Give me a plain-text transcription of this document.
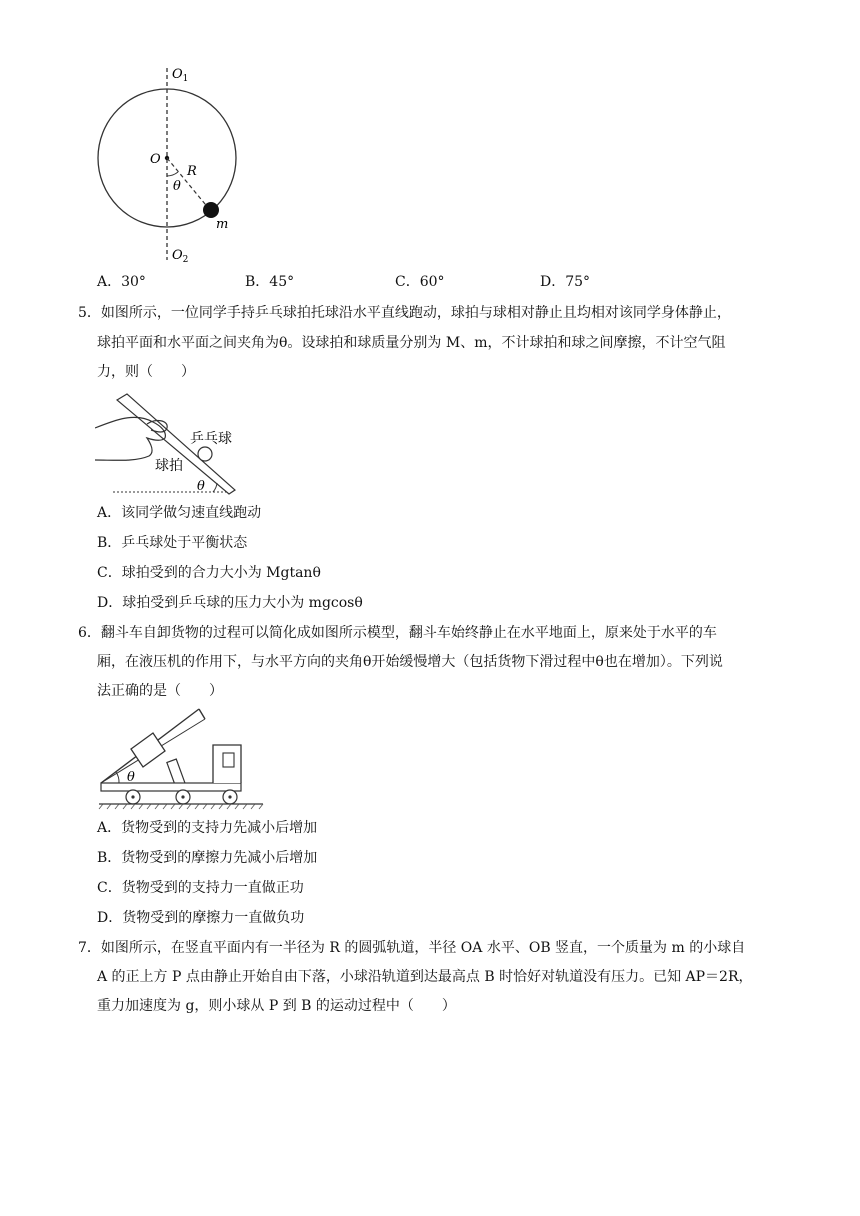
$O_1$
O
R
θ
m
$O_2$
A．30°	B．45°	C．60°	D．75°
5．如图所示，一位同学手持乒乓球拍托球沿水平直线跑动，球拍与球相对静止且均相对该同学身体静止，
球拍平面和水平面之间夹角为θ。设球拍和球质量分别为 M、m，不计球拍和球之间摩擦，不计空气阻
力，则（　　）
乒乓球
球拍
θ
A．该同学做匀速直线跑动
B．乒乓球处于平衡状态
C．球拍受到的合力大小为 Mgtanθ
D．球拍受到乒乓球的压力大小为 mgcosθ
6．翻斗车自卸货物的过程可以简化成如图所示模型，翻斗车始终静止在水平地面上，原来处于水平的车
厢，在液压机的作用下，与水平方向的夹角θ开始缓慢增大（包括货物下滑过程中θ也在增加）。下列说
法正确的是（　　）
θ
A．货物受到的支持力先减小后增加
B．货物受到的摩擦力先减小后增加
C．货物受到的支持力一直做正功
D．货物受到的摩擦力一直做负功
7．如图所示，在竖直平面内有一半径为 R 的圆弧轨道，半径 OA 水平、OB 竖直，一个质量为 m 的小球自
A 的正上方 P 点由静止开始自由下落，小球沿轨道到达最高点 B 时恰好对轨道没有压力。已知 AP＝2R，
重力加速度为 g，则小球从 P 到 B 的运动过程中（　　）
